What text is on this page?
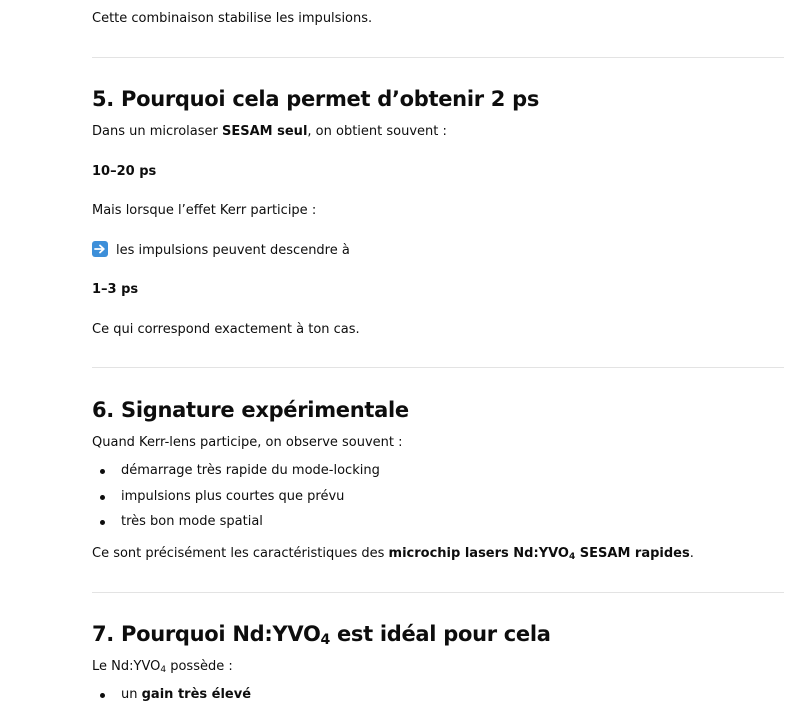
Cette combinaison stabilise les impulsions.

5. Pourquoi cela permet d’obtenir 2 ps

Dans un microlaser SESAM seul, on obtient souvent :

10–20 ps

Mais lorsque l’effet Kerr participe :

les impulsions peuvent descendre à

1–3 ps

Ce qui correspond exactement à ton cas.

6. Signature expérimentale

Quand Kerr-lens participe, on observe souvent :

démarrage très rapide du mode-locking
impulsions plus courtes que prévu
très bon mode spatial

Ce sont précisément les caractéristiques des microchip lasers $Nd:YVO_4$ SESAM rapides.

7. Pourquoi $Nd:YVO_4$ est idéal pour cela

Le $Nd:YVO_4$ possède :

un gain très élevé
